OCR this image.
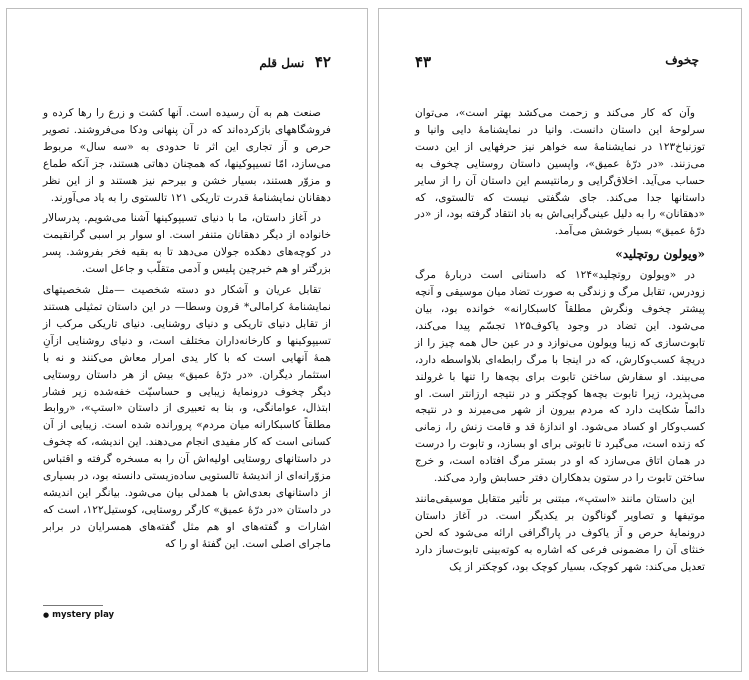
۴۲ نسل قلم

صنعت هم به آن رسیده است. آنها کشت و زرع را رها کرده و فروشگاههای بازکرده‌اند که در آن پنهانی ودکا می‌فروشند. تصویر حرص و آز تجاری این اثر تا حدودی به «سه سال» مربوط می‌سازد، امّا تسیپوکینها، که همچنان دهاتی هستند، جز آنکه طماع و مزوّر هستند، بسیار خشن و بیرحم نیز هستند و از این نظر دهقانان نمایشنامهٔ قدرت تاریکی ۱۲۱ تالستوی را به یاد می‌آورند.

در آغاز داستان، ما با دنیای تسیپوکینها آشنا می‌شویم. پدرسالار خانواده از دیگر دهقانان متنفر است. او سوار بر اسبی گرانقیمت در کوچه‌های دهکده جولان می‌دهد تا به بقیه فخر بفروشد. پسر بزرگتر او هم خبرچین پلیس و آدمی متقلّب و جاعل است.

تقابل عریان و آشکار دو دسته شخصیت —مثل شخصیتهای نمایشنامهٔ کرامالی* قرون وسطا— در این داستان تمثیلی هستند از تقابل دنیای تاریکی و دنیای روشنایی. دنیای تاریکی مرکب از تسیپوکینها و کارخانه‌داران مختلف است، و دنیای روشنایی ازآنِ همهٔ آنهایی است که با کار یدی امرار معاش می‌کنند و نه با استثمار دیگران. «در درّهٔ عمیق» بیش از هر داستان روستایی دیگر چخوف درونمایهٔ زیبایی و حساسیّت خفه‌شده زیر فشار ابتذال، عوامانگی، و، بنا به تعبیری از داستان «استپ»، «روابط مطلقاً کاسبکارانه میان مردم» پرورانده شده است. زیبایی از آن کسانی است که کار مفیدی انجام می‌دهند. این اندیشه، که چخوف در داستانهای روستایی اولیه‌اش آن را به مسخره گرفته و اقتباس مزوّرانه‌ای از اندیشهٔ تالستویی ساده‌زیستی دانسته بود، در بسیاری از داستانهای بعدی‌اش با همدلی بیان می‌شود. بیانگر این اندیشه در داستان «در درّهٔ عمیق» کارگر روستایی، کوستیل۱۲۲، است که اشارات و گفته‌های او هم مثل گفته‌های همسرایان در برابر ماجرای اصلی است. این گفتهٔ او را که

● mystery play
چخوف
۴۳

وآن که کار می‌کند و زحمت می‌کشد بهتر است»، می‌توان سرلوحهٔ این داستان دانست. وانیا در نمایشنامهٔ دایی وانیا و توزنباخ۱۲۳ در نمایشنامهٔ سه خواهر نیز حرفهایی از این دست می‌زنند. «در درّهٔ عمیق»، واپسین داستان روستایی چخوف به حساب می‌آید. اخلاق‌گرایی و رمانتیسم این داستان آن را از سایر داستانها جدا می‌کند. جای شگفتی نیست که تالستوی، که «دهقانان» را به دلیل عینی‌گرایی‌اش به باد انتقاد گرفته بود، از «در درّهٔ عمیق» بسیار خوشش می‌آمد.

«ویولون روتچلید»

در «ویولون روتچلید»۱۲۴ که داستانی است دربارهٔ مرگ زودرس، تقابل مرگ و زندگی به صورت تضاد میان موسیقی و آنچه پیشتر چخوف ونگرش مطلقاً کاسبکارانه» خوانده بود، بیان می‌شود. این تضاد در وجود یاکوف۱۲۵ تجسّم پیدا می‌کند، تابوت‌سازی که زیبا ویولون می‌نوازد و در عین حال همه چیز را از دریچهٔ کسب‌وکارش، که در اینجا با مرگ رابطه‌ای بلاواسطه دارد، می‌بیند. او سفارش ساختن تابوت برای بچه‌ها را تنها با غرولند می‌پذیرد، زیرا تابوت بچه‌ها کوچکتر و در نتیجه ارزانتر است. او دائماً شکایت دارد که مردم بیرون از شهر می‌میرند و در نتیجه کسب‌وکار او کساد می‌شود. او اندازهٔ قد و قامت زنش را، زمانی که زنده است، می‌گیرد تا تابوتی برای او بسازد، و تابوت را درست در همان اتاق می‌سازد که او در بستر مرگ افتاده است، و خرج ساختن تابوت را در ستون بدهکاران دفتر حسابش وارد می‌کند.

این داستان مانند «استپ»، مبتنی بر تأثیر متقابل موسیقی‌مانند موتیفها و تصاویر گوناگون بر یکدیگر است. در آغاز داستان درونمایهٔ حرص و آز یاکوف در پاراگرافی ارائه می‌شود که لحن خنثای آن را مضمونی فرعی که اشاره به کوته‌بینی تابوت‌ساز دارد تعدیل می‌کند: شهر کوچک، بسیار کوچک بود، کوچکتر از یک
